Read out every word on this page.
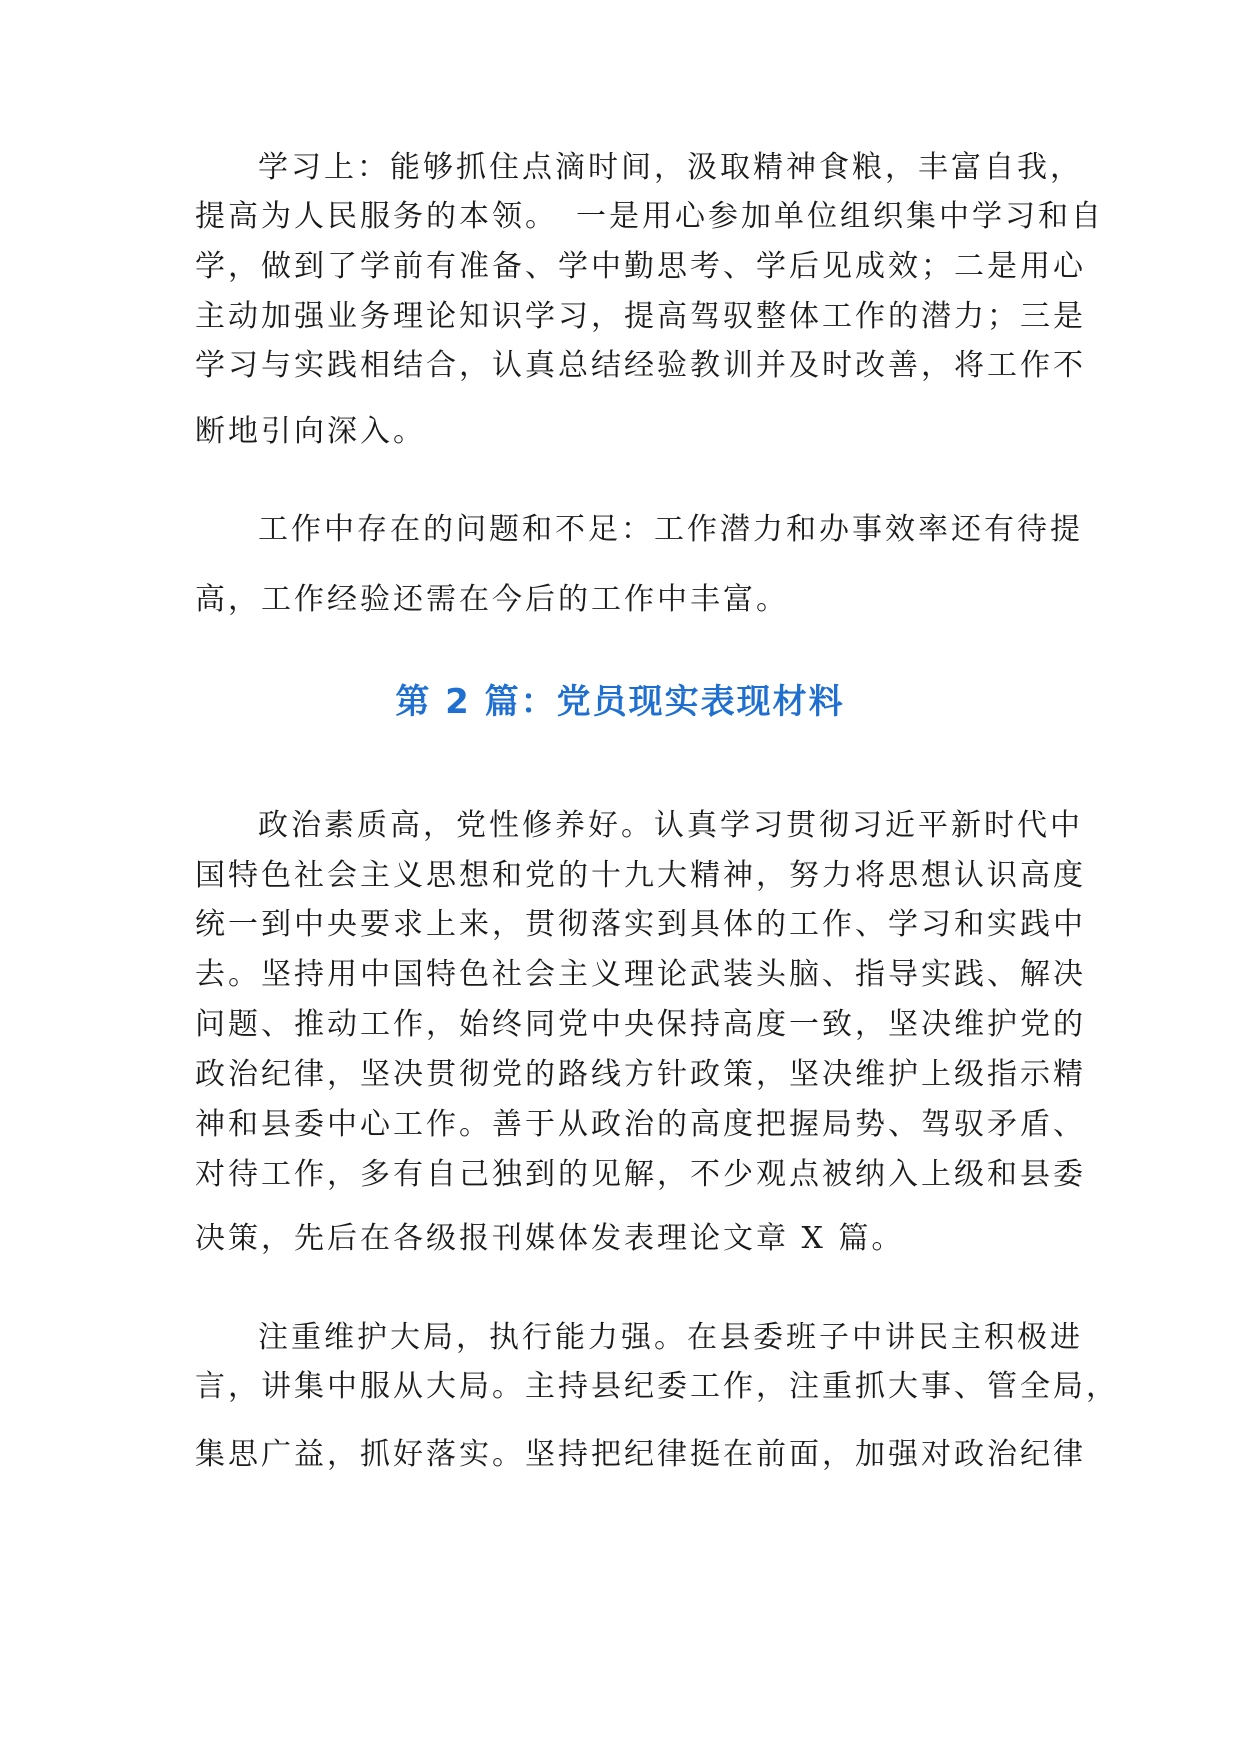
学习上：能够抓住点滴时间，汲取精神食粮，丰富自我，
提高为人民服务的本领。　一是用心参加单位组织集中学习和自
学，做到了学前有准备、学中勤思考、学后见成效；二是用心
主动加强业务理论知识学习，提高驾驭整体工作的潜力；三是
学习与实践相结合，认真总结经验教训并及时改善，将工作不
断地引向深入。
工作中存在的问题和不足：工作潜力和办事效率还有待提
高，工作经验还需在今后的工作中丰富。
第 2 篇：党员现实表现材料
政治素质高，党性修养好。认真学习贯彻习近平新时代中
国特色社会主义思想和党的十九大精神，努力将思想认识高度
统一到中央要求上来，贯彻落实到具体的工作、学习和实践中
去。坚持用中国特色社会主义理论武装头脑、指导实践、解决
问题、推动工作，始终同党中央保持高度一致，坚决维护党的
政治纪律，坚决贯彻党的路线方针政策，坚决维护上级指示精
神和县委中心工作。善于从政治的高度把握局势、驾驭矛盾、
对待工作，多有自己独到的见解，不少观点被纳入上级和县委
决策，先后在各级报刊媒体发表理论文章 X 篇。
注重维护大局，执行能力强。在县委班子中讲民主积极进
言，讲集中服从大局。主持县纪委工作，注重抓大事、管全局，
集思广益，抓好落实。坚持把纪律挺在前面，加强对政治纪律
